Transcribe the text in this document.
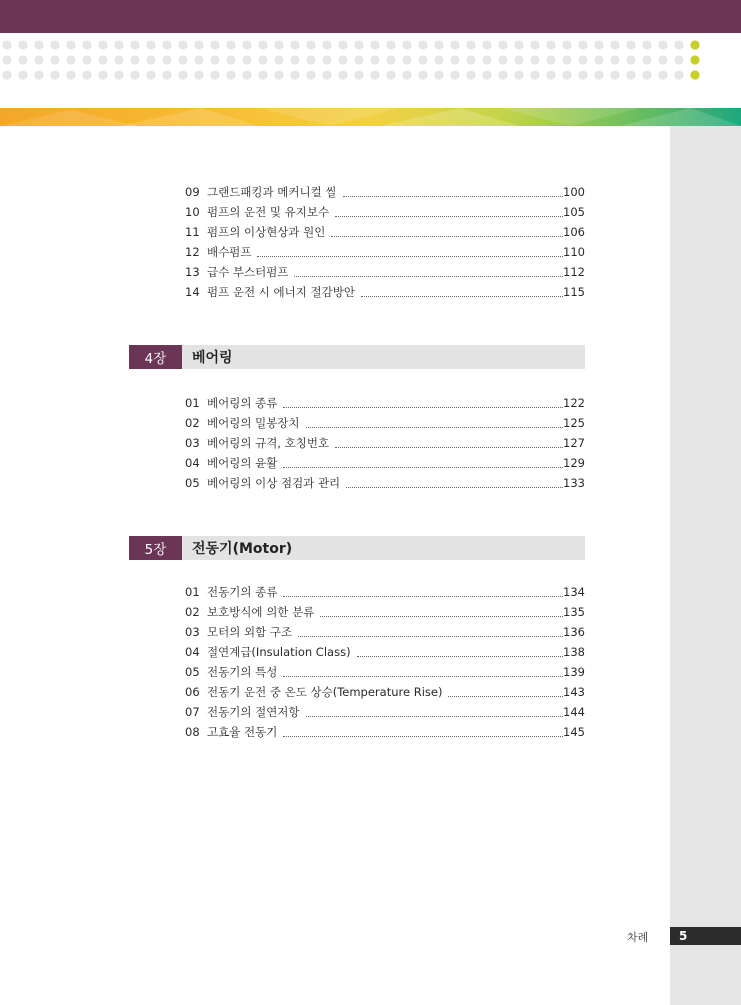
09 그랜드패킹과 메커니컬 씰	100
10 펌프의 운전 및 유지보수	105
11 펌프의 이상현상과 원인	106
12 배수펌프	110
13 급수 부스터펌프	112
14 펌프 운전 시 에너지 절감방안	115
4장	베어링
01 베어링의 종류	122
02 베어링의 밀봉장치	125
03 베어링의 규격, 호칭번호	127
04 베어링의 윤활	129
05 베어링의 이상 점검과 관리	133
5장	전동기(Motor)
01 전동기의 종류	134
02 보호방식에 의한 분류	135
03 모터의 외함 구조	136
04 절연계급(Insulation Class)	138
05 전동기의 특성	139
06 전동기 운전 중 온도 상승(Temperature Rise)	143
07 전동기의 절연저항	144
08 고효율 전동기	145
차례	5
